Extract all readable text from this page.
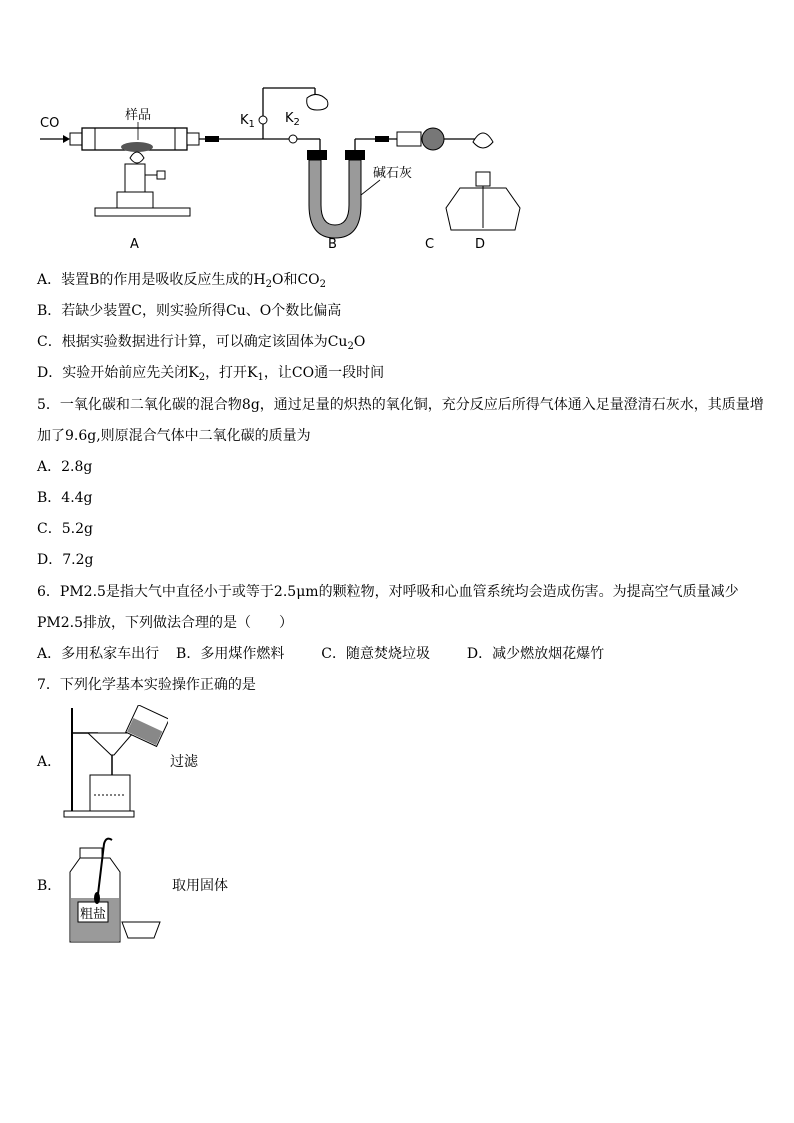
CO
样品	$K_1$ $K_2$
碱石灰
A	B	C	D
A．装置B的作用是吸收反应生成的$H_2O$和$CO_2$
B．若缺少装置C，则实验所得Cu、O个数比偏高
C．根据实验数据进行计算，可以确定该固体为$Cu_2O$
D．实验开始前应先关闭$K_2$，打开$K_1$，让CO通一段时间
5．一氧化碳和二氧化碳的混合物8g，通过足量的炽热的氧化铜，充分反应后所得气体通入足量澄清石灰水，其质量增
加了9.6g,则原混合气体中二氧化碳的质量为
A．2.8g
B．4.4g
C．5.2g
D．7.2g
6．PM2.5是指大气中直径小于或等于2.5μm的颗粒物，对呼吸和心血管系统均会造成伤害。为提高空气质量减少
PM2.5排放，下列做法合理的是（　　）
A．多用私家车出行 B．多用煤作燃料	C．随意焚烧垃圾	D．减少燃放烟花爆竹
7．下列化学基本实验操作正确的是
A．	过滤
B．
粗盐
取用固体
